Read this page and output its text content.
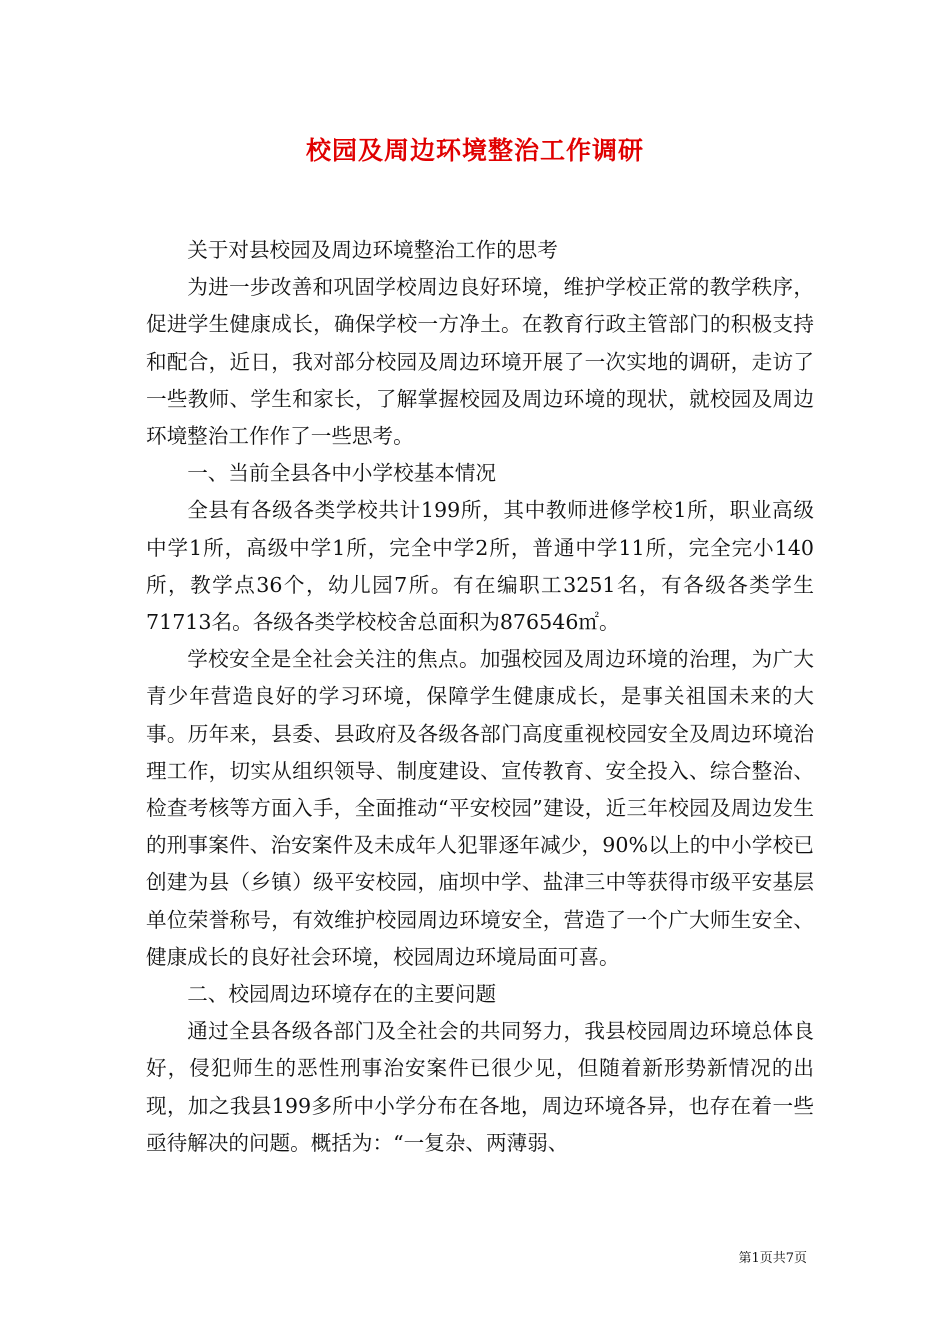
校园及周边环境整治工作调研

关于对县校园及周边环境整治工作的思考

为进一步改善和巩固学校周边良好环境，维护学校正常的教学秩序，促进学生健康成长，确保学校一方净土。在教育行政主管部门的积极支持和配合，近日，我对部分校园及周边环境开展了一次实地的调研，走访了一些教师、学生和家长，了解掌握校园及周边环境的现状，就校园及周边环境整治工作作了一些思考。

一、当前全县各中小学校基本情况

全县有各级各类学校共计199所，其中教师进修学校1所，职业高级中学1所，高级中学1所，完全中学2所，普通中学11所，完全完小140所，教学点36个，幼儿园7所。有在编职工3251名，有各级各类学生71713名。各级各类学校校舍总面积为876546㎡。

学校安全是全社会关注的焦点。加强校园及周边环境的治理，为广大青少年营造良好的学习环境，保障学生健康成长，是事关祖国未来的大事。历年来，县委、县政府及各级各部门高度重视校园安全及周边环境治理工作，切实从组织领导、制度建设、宣传教育、安全投入、综合整治、检查考核等方面入手，全面推动“平安校园”建设，近三年校园及周边发生的刑事案件、治安案件及未成年人犯罪逐年减少，90%以上的中小学校已创建为县（乡镇）级平安校园，庙坝中学、盐津三中等获得市级平安基层单位荣誉称号，有效维护校园周边环境安全，营造了一个广大师生安全、健康成长的良好社会环境，校园周边环境局面可喜。

二、校园周边环境存在的主要问题

通过全县各级各部门及全社会的共同努力，我县校园周边环境总体良好，侵犯师生的恶性刑事治安案件已很少见，但随着新形势新情况的出现，加之我县199多所中小学分布在各地，周边环境各异，也存在着一些亟待解决的问题。概括为：“一复杂、两薄弱、

第1页共7页
